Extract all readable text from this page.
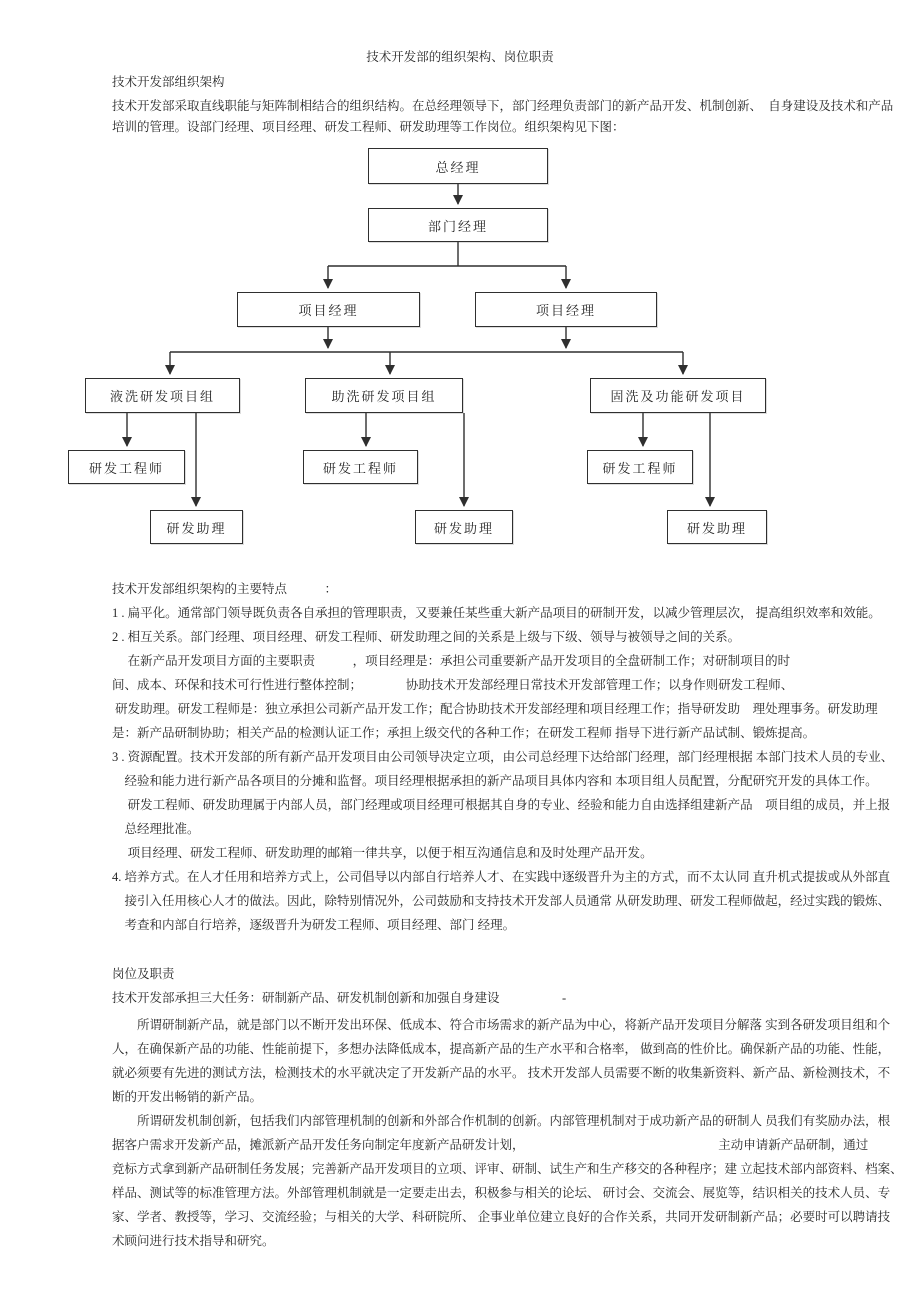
技术开发部的组织架构、岗位职责
技术开发部组织架构
技术开发部采取直线职能与矩阵制相结合的组织结构。在总经理领导下，部门经理负责部门的新产品开发、机制创新、　自身建设及技术和产品
培训的管理。设部门经理、项目经理、研发工程师、研发助理等工作岗位。组织架构见下图：
总经理
部门经理
项目经理	项目经理
液洗研发项目组	助洗研发项目组	固洗及功能研发项目
研发工程师	研发工程师	研发工程师
研发助理	研发助理	研发助理
技术开发部组织架构的主要特点　　　：
1 . 扁平化。通常部门领导既负责各自承担的管理职责，又要兼任某些重大新产品项目的研制开发，以减少管理层次， 提高组织效率和效能。
2 . 相互关系。部门经理、项目经理、研发工程师、研发助理之间的关系是上级与下级、领导与被领导之间的关系。
　 在新产品开发项目方面的主要职责　　　，项目经理是：承担公司重要新产品开发项目的全盘研制工作；对研制项目的时
间、成本、环保和技术可行性进行整体控制；　　　　协助技术开发部经理日常技术开发部管理工作；以身作则研发工程师、
研发助理。研发工程师是：独立承担公司新产品开发工作；配合协助技术开发部经理和项目经理工作；指导研发助　理处理事务。研发助理
是：新产品研制协助；相关产品的检测认证工作；承担上级交代的各种工作；在研发工程师 指导下进行新产品试制、锻炼提高。
3 . 资源配置。技术开发部的所有新产品开发项目由公司领导决定立项，由公司总经理下达给部门经理，部门经理根据 本部门技术人员的专业、
　经验和能力进行新产品各项目的分摊和监督。项目经理根据承担的新产品项目具体内容和 本项目组人员配置，分配研究开发的具体工作。
　 研发工程师、研发助理属于内部人员，部门经理或项目经理可根据其自身的专业、经验和能力自由选择组建新产品　项目组的成员，并上报
　总经理批准。
　 项目经理、研发工程师、研发助理的邮箱一律共享，以便于相互沟通信息和及时处理产品开发。
4. 培养方式。在人才任用和培养方式上，公司倡导以内部自行培养人才、在实践中逐级晋升为主的方式，而不太认同 直升机式提拔或从外部直
　接引入任用核心人才的做法。因此，除特别情况外，公司鼓励和支持技术开发部人员通常 从研发助理、研发工程师做起，经过实践的锻炼、
　考查和内部自行培养，逐级晋升为研发工程师、项目经理、部门 经理。
岗位及职责
技术开发部承担三大任务：研制新产品、研发机制创新和加强自身建设　　　　　-
　　所谓研制新产品，就是部门以不断开发出环保、低成本、符合市场需求的新产品为中心，将新产品开发项目分解落 实到各研发项目组和个
人，在确保新产品的功能、性能前提下，多想办法降低成本，提高新产品的生产水平和合格率， 做到高的性价比。确保新产品的功能、性能，
就必须要有先进的测试方法，检测技术的水平就决定了开发新产品的水平。 技术开发部人员需要不断的收集新资料、新产品、新检测技术，不
断的开发出畅销的新产品。
　　所谓研发机制创新，包括我们内部管理机制的创新和外部合作机制的创新。内部管理机制对于成功新产品的研制人 员我们有奖励办法，根
据客户需求开发新产品，摊派新产品开发任务向制定年度新产品研发计划，　　　　　　　　　　　　　　　　主动申请新产品研制，通过
竞标方式拿到新产品研制任务发展；完善新产品开发项目的立项、评审、研制、试生产和生产移交的各种程序；建 立起技术部内部资料、档案、
样品、测试等的标准管理方法。外部管理机制就是一定要走出去，积极参与相关的论坛、 研讨会、交流会、展览等，结识相关的技术人员、专
家、学者、教授等，学习、交流经验；与相关的大学、科研院所、 企事业单位建立良好的合作关系，共同开发研制新产品；必要时可以聘请技
术顾问进行技术指导和研究。
